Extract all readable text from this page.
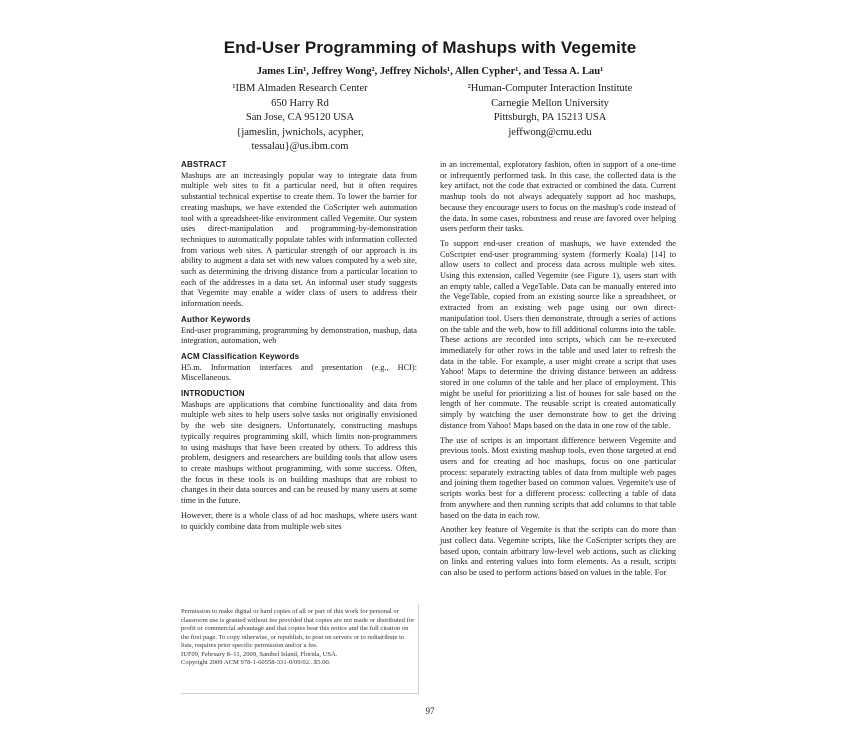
End-User Programming of Mashups with Vegemite
James Lin¹, Jeffrey Wong², Jeffrey Nichols¹, Allen Cypher¹, and Tessa A. Lau¹
¹IBM Almaden Research Center
650 Harry Rd
San Jose, CA 95120 USA
{jameslin, jwnichols, acypher,
tessalau}@us.ibm.com
²Human-Computer Interaction Institute
Carnegie Mellon University
Pittsburgh, PA 15213 USA
jeffwong@cmu.edu
ABSTRACT

Mashups are an increasingly popular way to integrate data from multiple web sites to fit a particular need, but it often requires substantial technical expertise to create them. To lower the barrier for creating mashups, we have extended the CoScripter web automation tool with a spreadsheet-like environment called Vegemite. Our system uses direct-manipulation and programming-by-demonstration techniques to automatically populate tables with information collected from various web sites. A particular strength of our approach is its ability to augment a data set with new values computed by a web site, such as determining the driving distance from a particular location to each of the addresses in a data set. An informal user study suggests that Vegemite may enable a wider class of users to address their information needs.

Author Keywords

End-user programming, programming by demonstration, mashup, data integration, automation, web

ACM Classification Keywords

H5.m. Information interfaces and presentation (e.g., HCI): Miscellaneous.

INTRODUCTION

Mashups are applications that combine functionality and data from multiple web sites to help users solve tasks not originally envisioned by the web site designers. Unfortunately, constructing mashups typically requires programming skill, which limits non-programmers to using mashups that have been created by others. To address this problem, designers and researchers are building tools that allow users to create mashups without programming, with some success. Often, the focus in these tools is on building mashups that are robust to changes in their data sources and can be reused by many users at some time in the future.

However, there is a whole class of ad hoc mashups, where users want to quickly combine data from multiple web sites

Permission to make digital or hard copies of all or part of this work for personal or classroom use is granted without fee provided that copies are not made or distributed for profit or commercial advantage and that copies bear this notice and the full citation on the first page. To copy otherwise, or republish, to post on servers or to redistribute to lists, requires prior specific permission and/or a fee.

IUI'09, February 8–11, 2009, Sanibel Island, Florida, USA.

Copyright 2009 ACM 978-1-60558-331-0/09/02...$5.00.

in an incremental, exploratory fashion, often in support of a one-time or infrequently performed task. In this case, the collected data is the key artifact, not the code that extracted or combined the data. Current mashup tools do not always adequately support ad hoc mashups, because they encourage users to focus on the mashup's code instead of the data. In some cases, robustness and reuse are favored over helping users perform their tasks.

To support end-user creation of mashups, we have extended the CoScripter end-user programming system (formerly Koala) [14] to allow users to collect and process data across multiple web sites. Using this extension, called Vegemite (see Figure 1), users start with an empty table, called a VegeTable. Data can be manually entered into the VegeTable, copied from an existing source like a spreadsheet, or extracted from an existing web page using our own direct-manipulation tool. Users then demonstrate, through a series of actions on the table and the web, how to fill additional columns into the table. These actions are recorded into scripts, which can be re-executed immediately for other rows in the table and used later to refresh the data in the table. For example, a user might create a script that uses Yahoo! Maps to determine the driving distance between an address stored in one column of the table and her place of employment. This might be useful for prioritizing a list of houses for sale based on the length of her commute. The reusable script is created automatically simply by watching the user demonstrate how to get the driving distance from Yahoo! Maps based on the data in one row of the table.

The use of scripts is an important difference between Vegemite and previous tools. Most existing mashup tools, even those targeted at end users and for creating ad hoc mashups, focus on one particular process: separately extracting tables of data from multiple web pages and joining them together based on common values. Vegemite's use of scripts works best for a different process: collecting a table of data from anywhere and then running scripts that add columns to that table based on the data in each row.

Another key feature of Vegemite is that the scripts can do more than just collect data. Vegemite scripts, like the CoScripter scripts they are based upon, contain arbitrary low-level web actions, such as clicking on links and entering values into form elements. As a result, scripts can also be used to perform actions based on values in the table. For

97
